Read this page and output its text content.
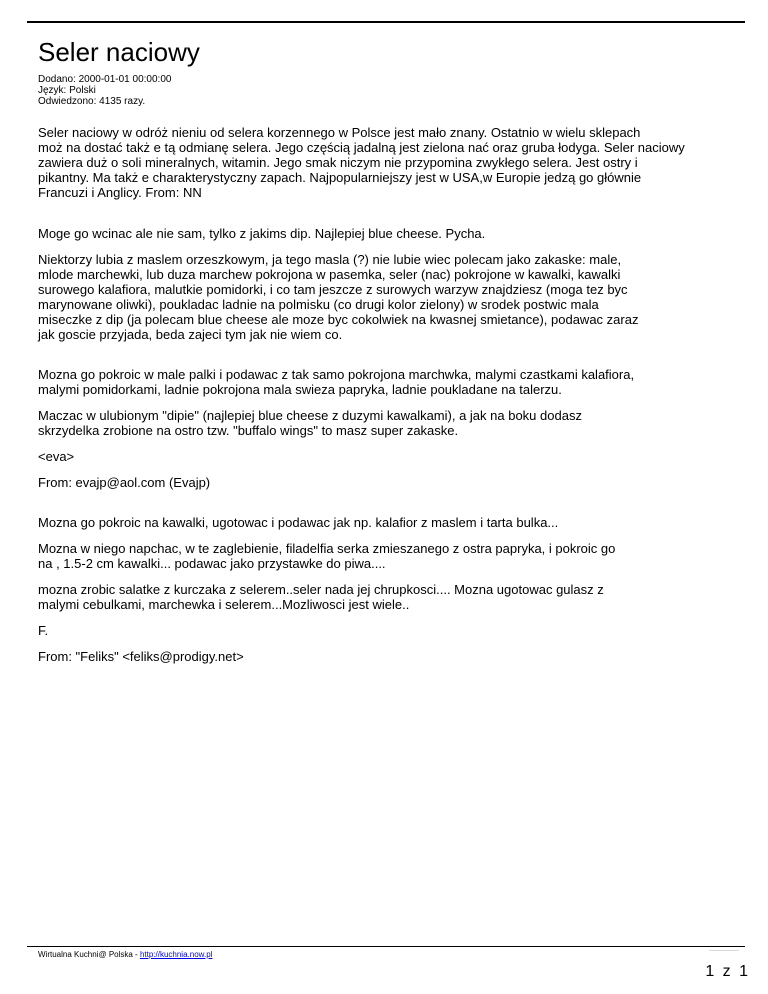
Seler naciowy
Dodano: 2000-01-01 00:00:00
Język: Polski
Odwiedzono: 4135 razy.

Seler naciowy w odróż nieniu od selera korzennego w Polsce jest mało znany. Ostatnio w wielu sklepach
moż na dostać takż e tą odmianę selera. Jego częścią jadalną jest zielona nać oraz gruba łodyga. Seler naciowy
zawiera duż o soli mineralnych, witamin. Jego smak niczym nie przypomina zwykłego selera. Jest ostry i
pikantny. Ma takż e charakterystyczny zapach. Najpopularniejszy jest w USA,w Europie jedzą go głównie
Francuzi i Anglicy. From: NN

Moge go wcinac ale nie sam, tylko z jakims dip. Najlepiej blue cheese. Pycha.

Niektorzy lubia z maslem orzeszkowym, ja tego masla (?) nie lubie wiec polecam jako zakaske: male,
mlode marchewki, lub duza marchew pokrojona w pasemka, seler (nac) pokrojone w kawalki, kawalki
surowego kalafiora, malutkie pomidorki, i co tam jeszcze z surowych warzyw znajdziesz (moga tez byc
marynowane oliwki), poukladac ladnie na polmisku (co drugi kolor zielony) w srodek postwic mala
miseczke z dip (ja polecam blue cheese ale moze byc cokolwiek na kwasnej smietance), podawac zaraz
jak goscie przyjada, beda zajeci tym jak nie wiem co.

Mozna go pokroic w male palki i podawac z tak samo pokrojona marchwka, malymi czastkami kalafiora,
malymi pomidorkami, ladnie pokrojona mala swieza papryka, ladnie poukladane na talerzu.

Maczac w ulubionym "dipie" (najlepiej blue cheese z duzymi kawalkami), a jak na boku dodasz
skrzydelka zrobione na ostro tzw. "buffalo wings" to masz super zakaske.

<eva>

From: evajp@aol.com (Evajp)

Mozna go pokroic na kawalki, ugotowac i podawac jak np. kalafior z maslem i tarta bulka...

Mozna w niego napchac, w te zaglebienie, filadelfia serka zmieszanego z ostra papryka, i pokroic go
na , 1.5-2 cm kawalki... podawac jako przystawke do piwa....

mozna zrobic salatke z kurczaka z selerem..seler nada jej chrupkosci.... Mozna ugotowac gulasz z
malymi cebulkami, marchewka i selerem...Mozliwosci jest wiele..

F.

From: "Feliks" <feliks@prodigy.net>

Wirtualna Kuchni@ Polska - http://kuchnia.now.pl
1 z 1
